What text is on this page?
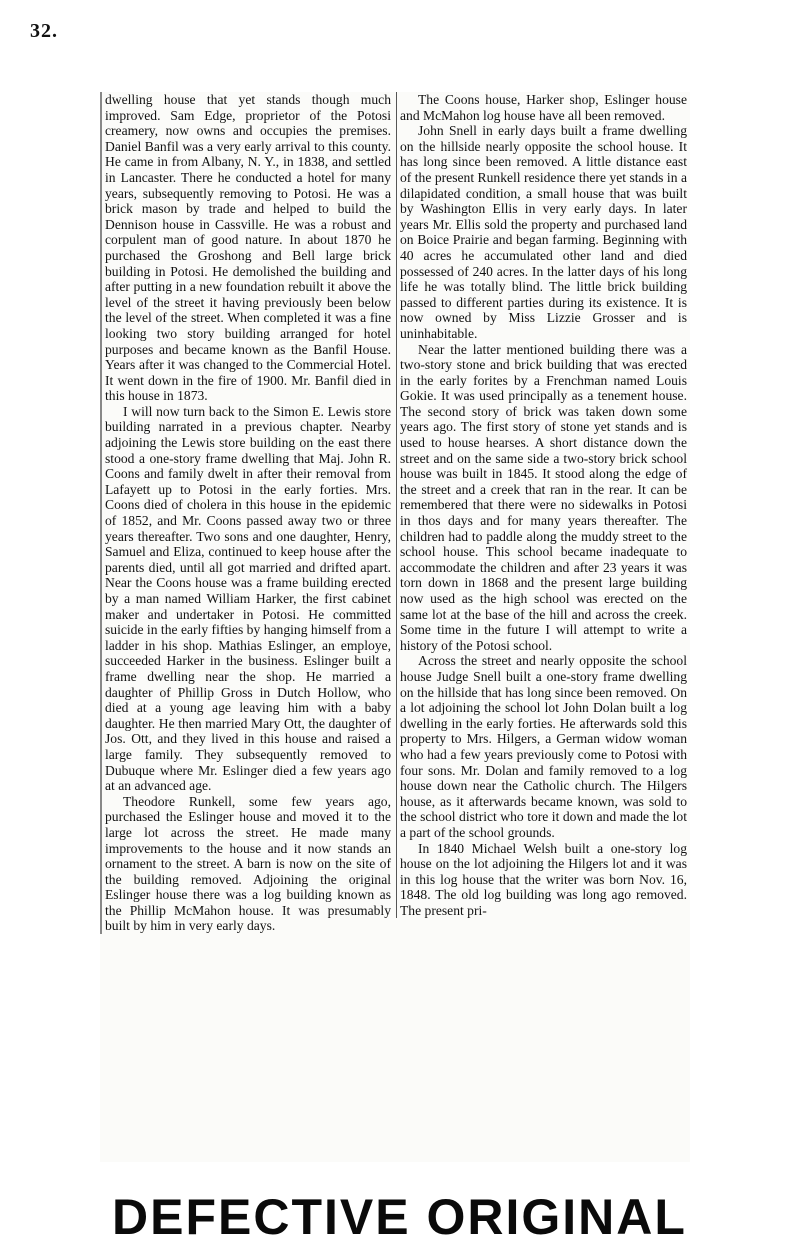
32.

dwelling house that yet stands though much improved. Sam Edge, proprietor of the Potosi creamery, now owns and occupies the premises. Daniel Banfil was a very early arrival to this county. He came in from Albany, N. Y., in 1838, and settled in Lancaster. There he conducted a hotel for many years, subsequently removing to Potosi. He was a brick mason by trade and helped to build the Dennison house in Cassville. He was a robust and corpulent man of good nature. In about 1870 he purchased the Groshong and Bell large brick building in Potosi. He demolished the building and after putting in a new foundation rebuilt it above the level of the street it having previously been below the level of the street. When completed it was a fine looking two story building arranged for hotel purposes and became known as the Banfil House. Years after it was changed to the Commercial Hotel. It went down in the fire of 1900. Mr. Banfil died in this house in 1873.

I will now turn back to the Simon E. Lewis store building narrated in a previous chapter. Nearby adjoining the Lewis store building on the east there stood a one-story frame dwelling that Maj. John R. Coons and family dwelt in after their removal from Lafayett up to Potosi in the early forties. Mrs. Coons died of cholera in this house in the epidemic of 1852, and Mr. Coons passed away two or three years thereafter. Two sons and one daughter, Henry, Samuel and Eliza, continued to keep house after the parents died, until all got married and drifted apart. Near the Coons house was a frame building erected by a man named William Harker, the first cabinet maker and undertaker in Potosi. He committed suicide in the early fifties by hanging himself from a ladder in his shop. Mathias Eslinger, an employe, succeeded Harker in the business. Eslinger built a frame dwelling near the shop. He married a daughter of Phillip Gross in Dutch Hollow, who died at a young age leaving him with a baby daughter. He then married Mary Ott, the daughter of Jos. Ott, and they lived in this house and raised a large family. They subsequently removed to Dubuque where Mr. Eslinger died a few years ago at an advanced age.

Theodore Runkell, some few years ago, purchased the Eslinger house and moved it to the large lot across the street. He made many improvements to the house and it now stands an ornament to the street. A barn is now on the site of the building removed. Adjoining the original Eslinger house there was a log building known as the Phillip McMahon house. It was presumably built by him in very early days.

The Coons house, Harker shop, Eslinger house and McMahon log house have all been removed.

John Snell in early days built a frame dwelling on the hillside nearly opposite the school house. It has long since been removed. A little distance east of the present Runkell residence there yet stands in a dilapidated condition, a small house that was built by Washington Ellis in very early days. In later years Mr. Ellis sold the property and purchased land on Boice Prairie and began farming. Beginning with 40 acres he accumulated other land and died possessed of 240 acres. In the latter days of his long life he was totally blind. The little brick building passed to different parties during its existence. It is now owned by Miss Lizzie Grosser and is uninhabitable.

Near the latter mentioned building there was a two-story stone and brick building that was erected in the early forites by a Frenchman named Louis Gokie. It was used principally as a tenement house. The second story of brick was taken down some years ago. The first story of stone yet stands and is used to house hearses. A short distance down the street and on the same side a two-story brick school house was built in 1845. It stood along the edge of the street and a creek that ran in the rear. It can be remembered that there were no sidewalks in Potosi in thos days and for many years thereafter. The children had to paddle along the muddy street to the school house. This school became inadequate to accommodate the children and after 23 years it was torn down in 1868 and the present large building now used as the high school was erected on the same lot at the base of the hill and across the creek. Some time in the future I will attempt to write a history of the Potosi school.

Across the street and nearly opposite the school house Judge Snell built a one-story frame dwelling on the hillside that has long since been removed. On a lot adjoining the school lot John Dolan built a log dwelling in the early forties. He afterwards sold this property to Mrs. Hilgers, a German widow woman who had a few years previously come to Potosi with four sons. Mr. Dolan and family removed to a log house down near the Catholic church. The Hilgers house, as it afterwards became known, was sold to the school district who tore it down and made the lot a part of the school grounds.

In 1840 Michael Welsh built a one-story log house on the lot adjoining the Hilgers lot and it was in this log house that the writer was born Nov. 16, 1848. The old log building was long ago removed. The present pri-

DEFECTIVE ORIGINAL
